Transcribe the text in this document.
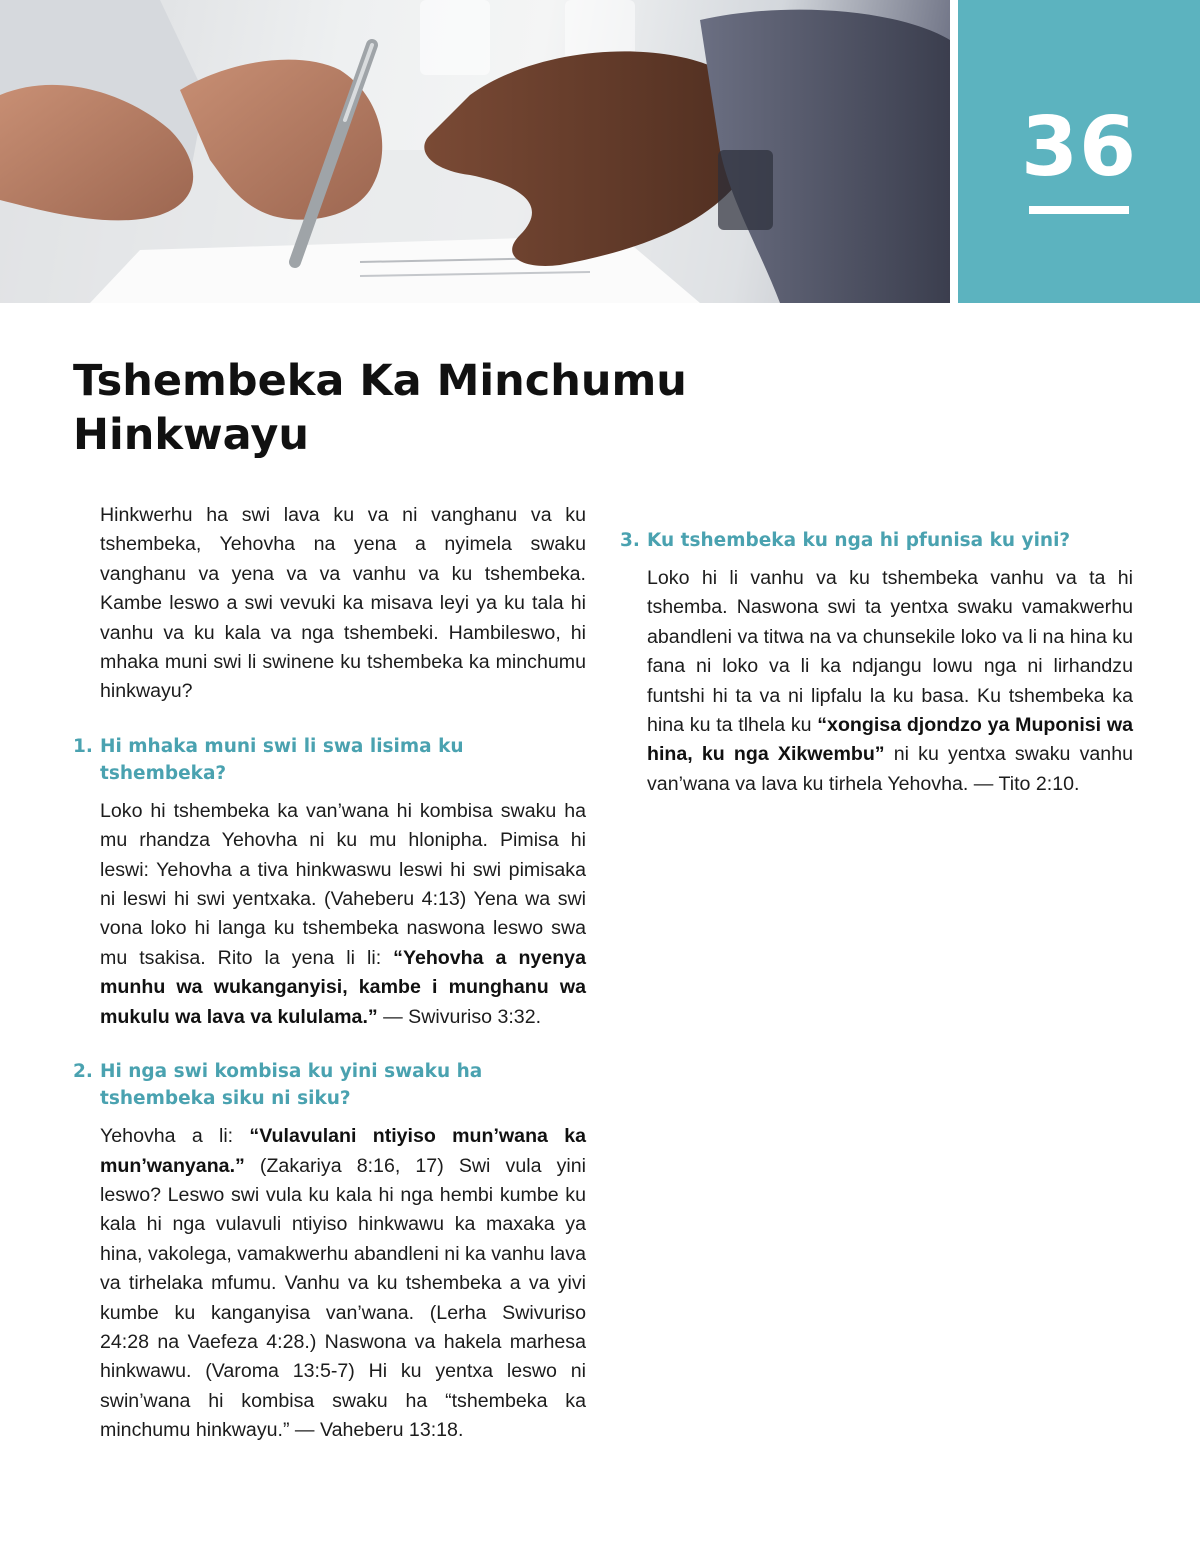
36
Tshembeka Ka Minchumu Hinkwayu

Hinkwerhu ha swi lava ku va ni vanghanu va ku tshembeka, Yehovha na yena a nyimela swaku vanghanu va yena va va vanhu va ku tshembeka. Kambe leswo a swi vevuki ka misava leyi ya ku tala hi vanhu va ku kala va nga tshembeki. Hambileswo, hi mhaka muni swi li swinene ku tshembeka ka minchumu hinkwayu?

1. Hi mhaka muni swi li swa lisima ku tshembeka?

Loko hi tshembeka ka van’wana hi kombisa swaku ha mu rhandza Yehovha ni ku mu hlonipha. Pimisa hi leswi: Yehovha a tiva hinkwaswu leswi hi swi pimisaka ni leswi hi swi yentxaka. (Vaheberu 4:13) Yena wa swi vona loko hi langa ku tshembeka naswona leswo swa mu tsakisa. Rito la yena li li: “Yehovha a nyenya munhu wa wukanganyisi, kambe i munghanu wa mukulu wa lava va kululama.” — Swivuriso 3:32.

2. Hi nga swi kombisa ku yini swaku ha tshembeka siku ni siku?

Yehovha a li: “Vulavulani ntiyiso mun’wana ka mun’wanyana.” (Zakariya 8:16, 17) Swi vula yini leswo? Leswo swi vula ku kala hi nga hembi kumbe ku kala hi nga vulavuli ntiyiso hinkwawu ka maxaka ya hina, vakolega, vamakwerhu abandleni ni ka vanhu lava va tirhelaka mfumu. Vanhu va ku tshembeka a va yivi kumbe ku kanganyisa van’wana. (Lerha Swivuriso 24:28 na Vaefeza 4:28.) Naswona va hakela marhesa hinkwawu. (Varoma 13:5-7) Hi ku yentxa leswo ni swin’wana hi kombisa swaku ha “tshembeka ka minchumu hinkwayu.” — Vaheberu 13:18.

3. Ku tshembeka ku nga hi pfunisa ku yini?

Loko hi li vanhu va ku tshembeka vanhu va ta hi tshemba. Naswona swi ta yentxa swaku vamakwerhu abandleni va titwa na va chunsekile loko va li na hina ku fana ni loko va li ka ndjangu lowu nga ni lirhandzu funtshi hi ta va ni lipfalu la ku basa. Ku tshembeka ka hina ku ta tlhela ku “xongisa djondzo ya Muponisi wa hina, ku nga Xikwembu” ni ku yentxa swaku vanhu van’wana va lava ku tirhela Yehovha. — Tito 2:10.
